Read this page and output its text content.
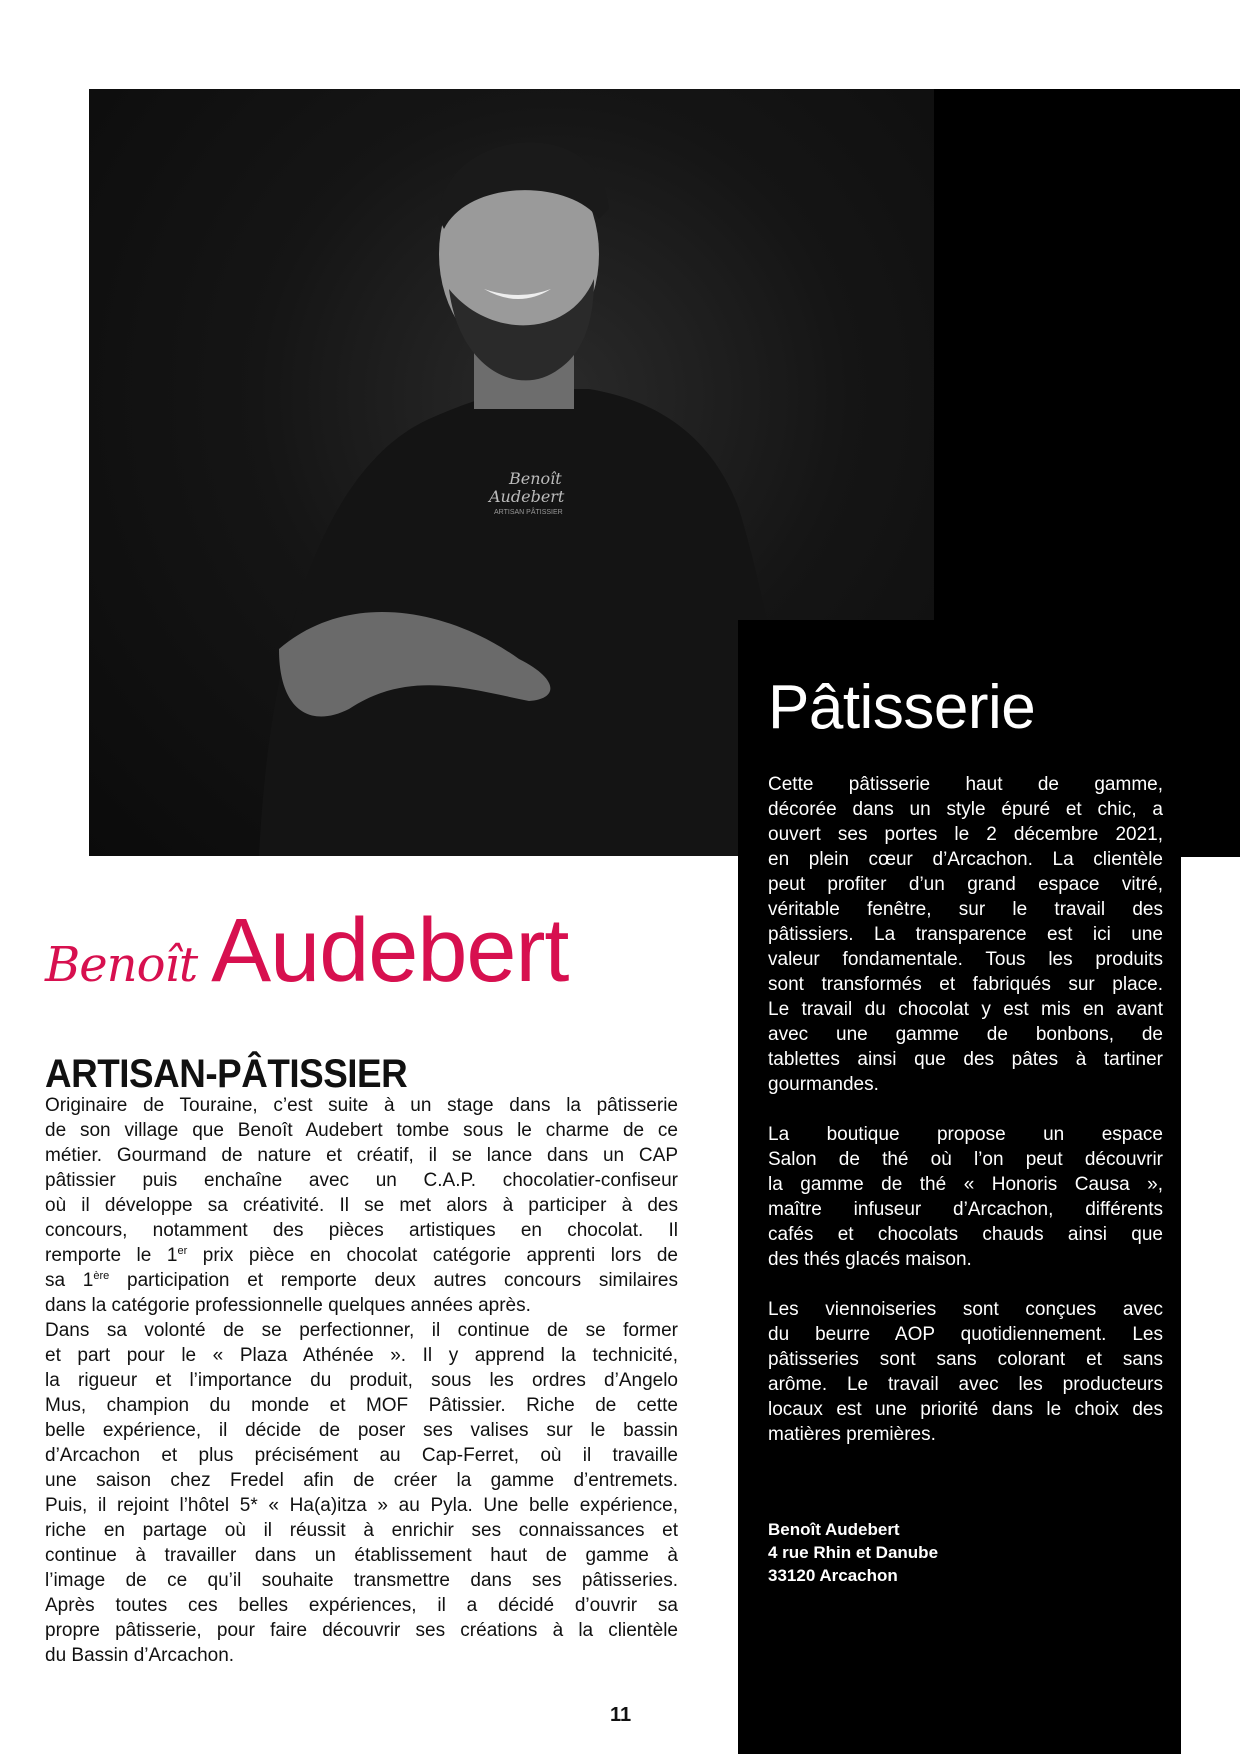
Benoît
Audebert
ARTISAN PÂTISSIER
Benoît Audebert
ARTISAN-PÂTISSIER
Originaire de Touraine, c’est suite à un stage dans la pâtisserie
de son village que Benoît Audebert tombe sous le charme de ce
métier. Gourmand de nature et créatif, il se lance dans un CAP
pâtissier puis enchaîne avec un C.A.P. chocolatier-confiseur
où il développe sa créativité. Il se met alors à participer à des
concours, notamment des pièces artistiques en chocolat. Il
remporte le 1er prix pièce en chocolat catégorie apprenti lors de
sa 1ère participation et remporte deux autres concours similaires
dans la catégorie professionnelle quelques années après.
Dans sa volonté de se perfectionner, il continue de se former
et part pour le « Plaza Athénée ». Il y apprend la technicité,
la rigueur et l’importance du produit, sous les ordres d’Angelo
Mus, champion du monde et MOF Pâtissier. Riche de cette
belle expérience, il décide de poser ses valises sur le bassin
d’Arcachon et plus précisément au Cap-Ferret, où il travaille
une saison chez Fredel afin de créer la gamme d’entremets.
Puis, il rejoint l’hôtel 5* « Ha(a)itza » au Pyla. Une belle expérience,
riche en partage où il réussit à enrichir ses connaissances et
continue à travailler dans un établissement haut de gamme à
l’image de ce qu’il souhaite transmettre dans ses pâtisseries.
Après toutes ces belles expériences, il a décidé d’ouvrir sa
propre pâtisserie, pour faire découvrir ses créations à la clientèle
du Bassin d’Arcachon.
Pâtisserie
Cette pâtisserie haut de gamme,
décorée dans un style épuré et chic, a
ouvert ses portes le 2 décembre 2021,
en plein cœur d’Arcachon. La clientèle
peut profiter d’un grand espace vitré,
véritable fenêtre, sur le travail des
pâtissiers. La transparence est ici une
valeur fondamentale. Tous les produits
sont transformés et fabriqués sur place.
Le travail du chocolat y est mis en avant
avec une gamme de bonbons, de
tablettes ainsi que des pâtes à tartiner
gourmandes.
La boutique propose un espace
Salon de thé où l’on peut découvrir
la gamme de thé « Honoris Causa »,
maître infuseur d’Arcachon, différents
cafés et chocolats chauds ainsi que
des thés glacés maison.
Les viennoiseries sont conçues avec
du beurre AOP quotidiennement. Les
pâtisseries sont sans colorant et sans
arôme. Le travail avec les producteurs
locaux est une priorité dans le choix des
matières premières.
Benoît Audebert
4 rue Rhin et Danube
33120 Arcachon
11
